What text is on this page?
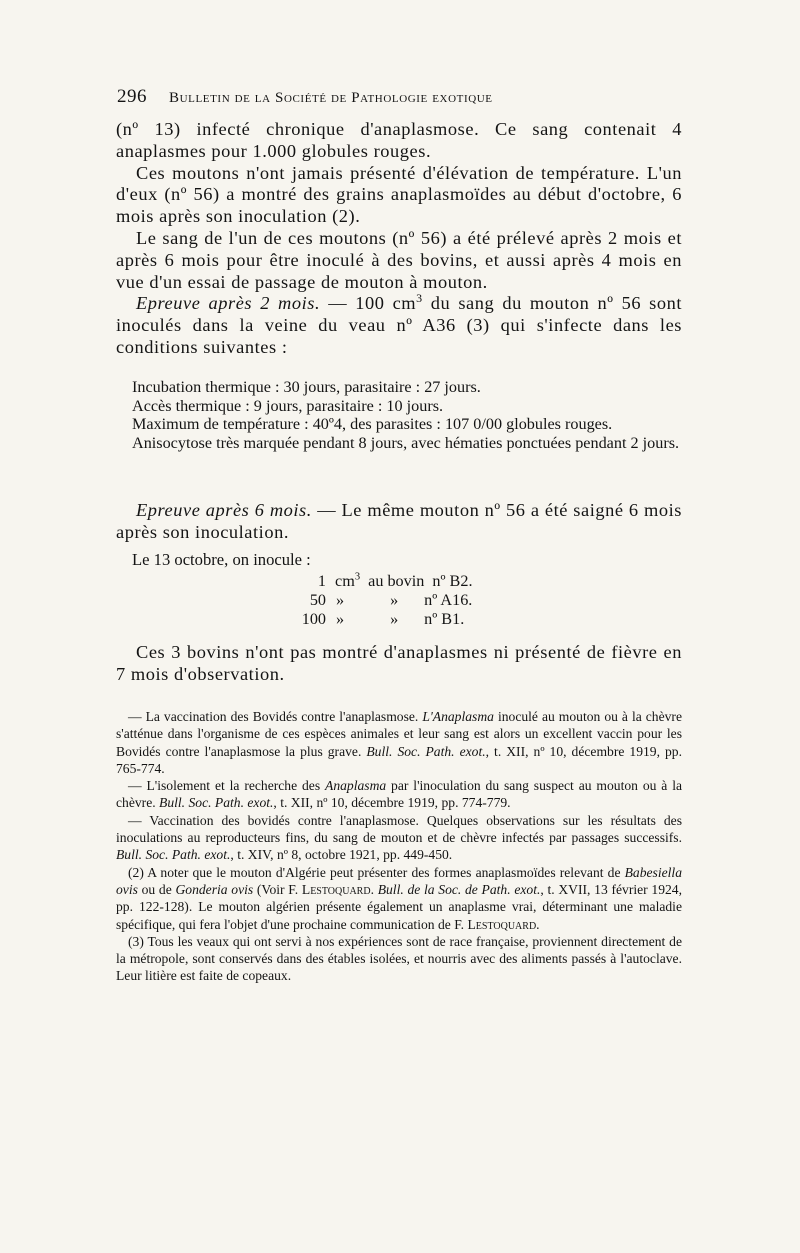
296 Bulletin de la Société de Pathologie exotique

(nº 13) infecté chronique d'anaplasmose. Ce sang contenait 4 anaplasmes pour 1.000 globules rouges.

Ces moutons n'ont jamais présenté d'élévation de température. L'un d'eux (nº 56) a montré des grains anaplasmoïdes au début d'octobre, 6 mois après son inoculation (2).

Le sang de l'un de ces moutons (nº 56) a été prélevé après 2 mois et après 6 mois pour être inoculé à des bovins, et aussi après 4 mois en vue d'un essai de passage de mouton à mouton.

Epreuve après 2 mois. — 100 $cm^3$ du sang du mouton nº 56 sont inoculés dans la veine du veau nº A36 (3) qui s'infecte dans les conditions suivantes :

Incubation thermique : 30 jours, parasitaire : 27 jours.

Accès thermique : 9 jours, parasitaire : 10 jours.

Maximum de température : 40º4, des parasites : 107 0/00 globules rouges.

Anisocytose très marquée pendant 8 jours, avec hématies ponctuées pendant 2 jours.

Epreuve après 6 mois. — Le même mouton nº 56 a été saigné 6 mois après son inoculation.

Le 13 octobre, on inocule :
1 $cm^3$ au bovin nº B2.
50 »	» nº A16.
100 »	» nº B1.

Ces 3 bovins n'ont pas montré d'anaplasmes ni présenté de fièvre en 7 mois d'observation.

— La vaccination des Bovidés contre l'anaplasmose. L'Anaplasma inoculé au mouton ou à la chèvre s'atténue dans l'organisme de ces espèces animales et leur sang est alors un excellent vaccin pour les Bovidés contre l'anaplasmose la plus grave. Bull. Soc. Path. exot., t. XII, nº 10, décembre 1919, pp. 765-774.

— L'isolement et la recherche des Anaplasma par l'inoculation du sang suspect au mouton ou à la chèvre. Bull. Soc. Path. exot., t. XII, nº 10, décembre 1919, pp. 774-779.

— Vaccination des bovidés contre l'anaplasmose. Quelques observations sur les résultats des inoculations au reproducteurs fins, du sang de mouton et de chèvre infectés par passages successifs. Bull. Soc. Path. exot., t. XIV, nº 8, octobre 1921, pp. 449-450.

(2) A noter que le mouton d'Algérie peut présenter des formes anaplasmoïdes relevant de Babesiella ovis ou de Gonderia ovis (Voir F. Lestoquard. Bull. de la Soc. de Path. exot., t. XVII, 13 février 1924, pp. 122-128). Le mouton algérien présente également un anaplasme vrai, déterminant une maladie spécifique, qui fera l'objet d'une prochaine communication de F. Lestoquard.

(3) Tous les veaux qui ont servi à nos expériences sont de race française, proviennent directement de la métropole, sont conservés dans des étables isolées, et nourris avec des aliments passés à l'autoclave. Leur litière est faite de copeaux.
